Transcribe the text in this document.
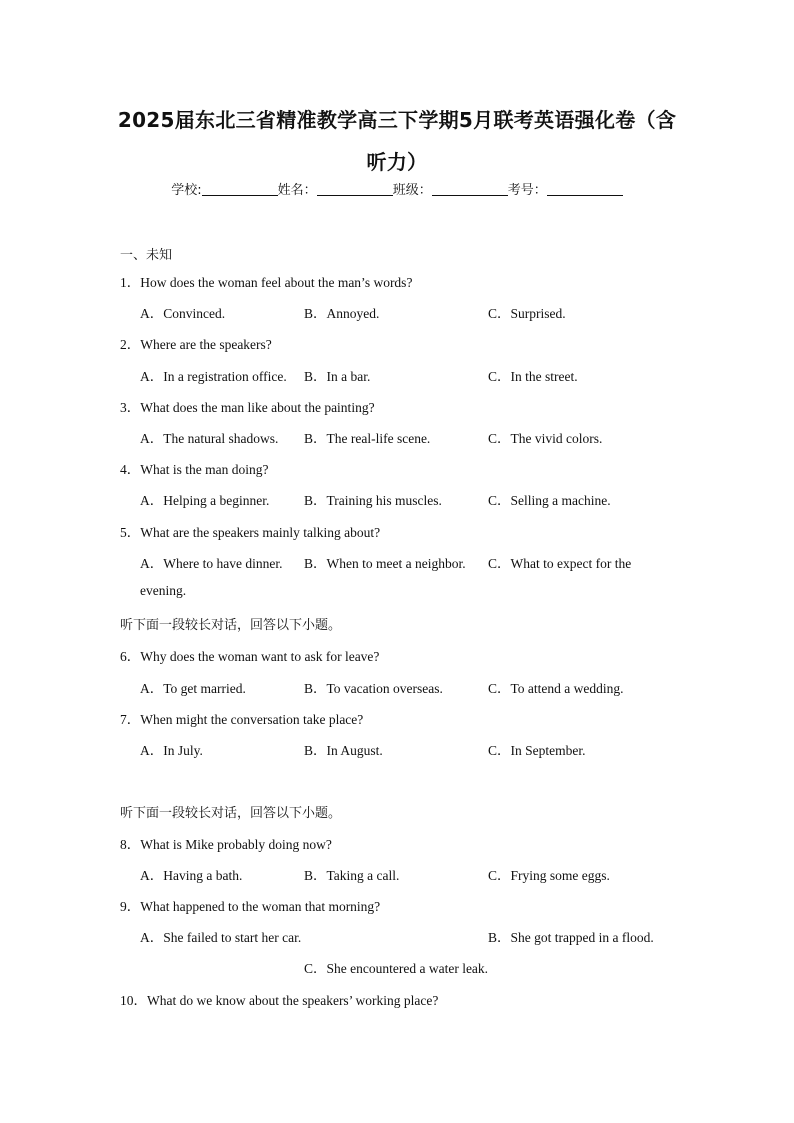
2025届东北三省精准教学高三下学期5月联考英语强化卷（含
听力）
学校:	姓名：	班级：	考号：
一、未知
1．How does the woman feel about the man’s words?
A．Convinced.	B．Annoyed.	C．Surprised.
2．Where are the speakers?
A．In a registration office. B．In a bar.	C．In the street.
3．What does the man like about the painting?
A．The natural shadows. B．The real-life scene.	C．The vivid colors.
4．What is the man doing?
A．Helping a beginner.	B．Training his muscles.	C．Selling a machine.
5．What are the speakers mainly talking about?
A．Where to have dinner. B．When to meet a neighbor. C．What to expect for the
evening.
听下面一段较长对话，回答以下小题。
6．Why does the woman want to ask for leave?
A．To get married.	B．To vacation overseas.	C．To attend a wedding.
7．When might the conversation take place?
A．In July.	B．In August.	C．In September.
听下面一段较长对话，回答以下小题。
8．What is Mike probably doing now?
A．Having a bath.	B．Taking a call.	C．Frying some eggs.
9．What happened to the woman that morning?
A．She failed to start her car.	B．She got trapped in a flood.
C．She encountered a water leak.
10．What do we know about the speakers’ working place?
